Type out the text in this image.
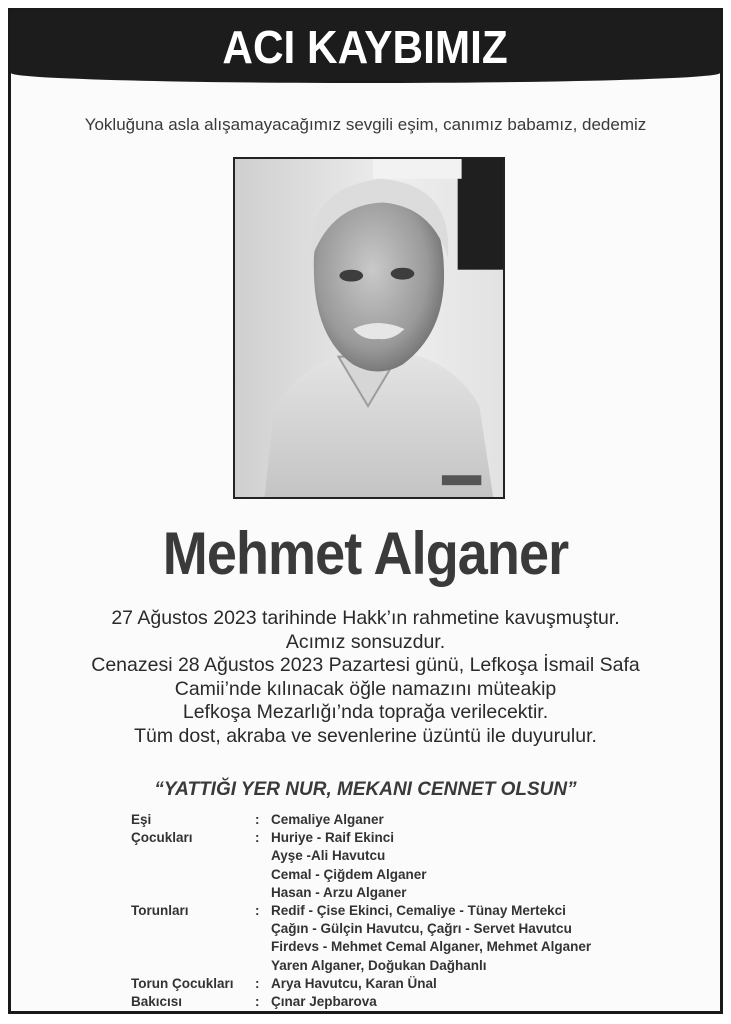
ACI KAYBIMIZ
Yokluğuna asla alışamayacağımız sevgili eşim, canımız babamız, dedemiz
Mehmet Alganer
27 Ağustos 2023 tarihinde Hakk’ın rahmetine kavuşmuştur.
Acımız sonsuzdur.
Cenazesi 28 Ağustos 2023 Pazartesi günü, Lefkoşa İsmail Safa
Camii’nde kılınacak öğle namazını müteakip
Lefkoşa Mezarlığı’nda toprağa verilecektir.
Tüm dost, akraba ve sevenlerine üzüntü ile duyurulur.
“YATTIĞI YER NUR, MEKANI CENNET OLSUN”
Eşi	: Cemaliye Alganer
Çocukları	: Huriye - Raif Ekinci
Ayşe -Ali Havutcu
Cemal - Çiğdem Alganer
Hasan - Arzu Alganer
Torunları	: Redif - Çise Ekinci, Cemaliye - Tünay Mertekci
Çağın - Gülçin Havutcu, Çağrı - Servet Havutcu
Firdevs - Mehmet Cemal Alganer, Mehmet Alganer
Yaren Alganer, Doğukan Dağhanlı
Torun Çocukları	: Arya Havutcu, Karan Ünal
Bakıcısı	: Çınar Jepbarova
